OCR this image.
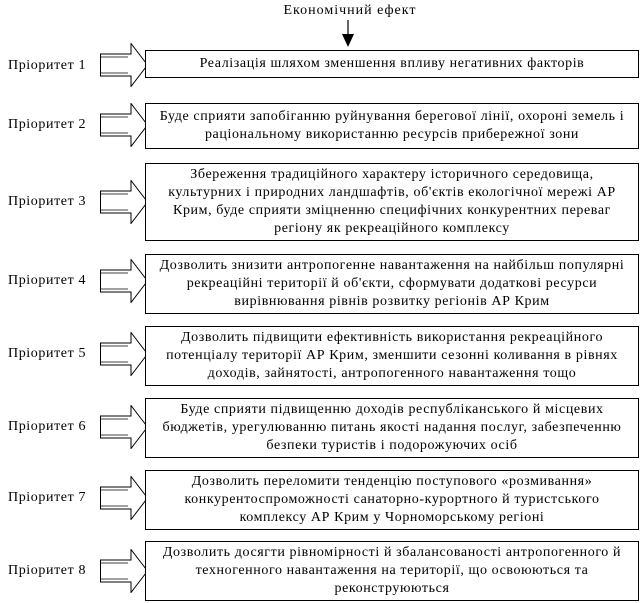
Економічний ефект
Пріоритет 1	Реалізація шляхом зменшення впливу негативних факторів
Пріоритет 2
Буде сприяти запобіганню руйнування берегової лінії, охороні земель і раціональному використанню ресурсів прибережної зони
Пріоритет 3
Збереження традиційного характеру історичного середовища, культурних і природних ландшафтів, об'єктів екологічної мережі АР Крим, буде сприяти зміцненню специфічних конкурентних переваг регіону як рекреаційного комплексу
Пріоритет 4
Дозволить знизити антропогенне навантаження на найбільш популярні рекреаційні території й об'єкти, сформувати додаткові ресурси вирівнювання рівнів розвитку регіонів АР Крим
Пріоритет 5
Дозволить підвищити ефективність використання рекреаційного потенціалу території АР Крим, зменшити сезонні коливання в рівнях доходів, зайнятості, антропогенного навантаження тощо
Пріоритет 6
Буде сприяти підвищенню доходів республіканського й місцевих бюджетів, урегулюванню питань якості надання послуг, забезпеченню безпеки туристів і подорожуючих осіб
Пріоритет 7
Дозволить переломити тенденцію поступового «розмивання» конкурентоспроможності санаторно-курортного й туристського комплексу АР Крим у Чорноморському регіоні
Пріоритет 8
Дозволить досягти рівномірності й збалансованості антропогенного й техногенного навантаження на території, що освоюються та реконструюються
